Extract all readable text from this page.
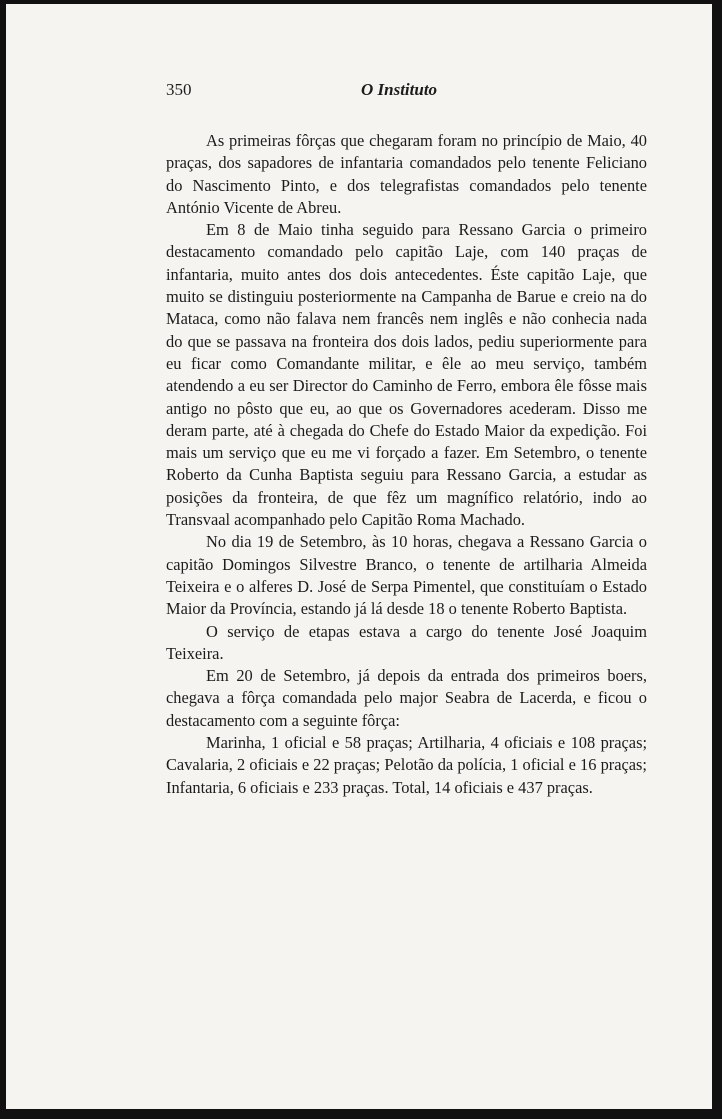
350	O Instituto

As primeiras fôrças que chegaram foram no princípio de Maio, 40 praças, dos sapadores de infantaria comandados pelo tenente Feliciano do Nascimento Pinto, e dos telegrafistas comandados pelo tenente António Vicente de Abreu.

Em 8 de Maio tinha seguido para Ressano Garcia o primeiro destacamento comandado pelo capitão Laje, com 140 praças de infantaria, muito antes dos dois antecedentes. Éste capitão Laje, que muito se distinguiu posteriormente na Campanha de Barue e creio na do Mataca, como não falava nem francês nem inglês e não conhecia nada do que se passava na fronteira dos dois lados, pediu superiormente para eu ficar como Comandante militar, e êle ao meu serviço, também atendendo a eu ser Director do Caminho de Ferro, embora êle fôsse mais antigo no pôsto que eu, ao que os Governadores acederam. Disso me deram parte, até à chegada do Chefe do Estado Maior da expedição. Foi mais um serviço que eu me vi forçado a fazer. Em Setembro, o tenente Roberto da Cunha Baptista seguiu para Ressano Garcia, a estudar as posições da fronteira, de que fêz um magnífico relatório, indo ao Transvaal acompanhado pelo Capitão Roma Machado.

No dia 19 de Setembro, às 10 horas, chegava a Ressano Garcia o capitão Domingos Silvestre Branco, o tenente de artilharia Almeida Teixeira e o alferes D. José de Serpa Pimentel, que constituíam o Estado Maior da Província, estando já lá desde 18 o tenente Roberto Baptista.

O serviço de etapas estava a cargo do tenente José Joaquim Teixeira.

Em 20 de Setembro, já depois da entrada dos primeiros boers, chegava a fôrça comandada pelo major Seabra de Lacerda, e ficou o destacamento com a seguinte fôrça:

Marinha, 1 oficial e 58 praças; Artilharia, 4 oficiais e 108 praças; Cavalaria, 2 oficiais e 22 praças; Pelotão da polícia, 1 oficial e 16 praças; Infantaria, 6 oficiais e 233 praças. Total, 14 oficiais e 437 praças.
